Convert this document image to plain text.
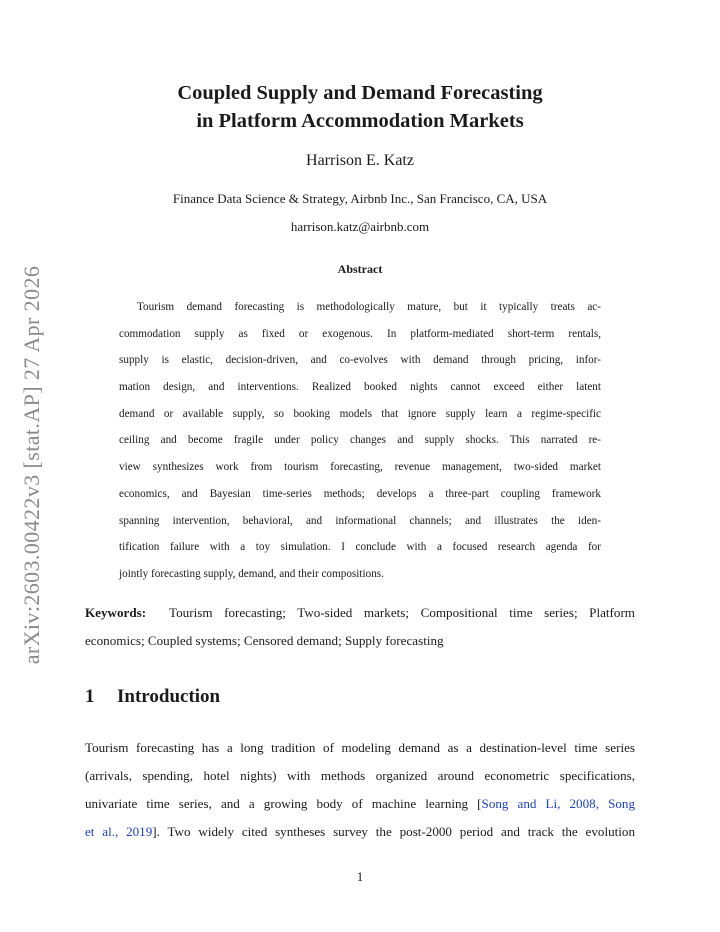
arXiv:2603.00422v3 [stat.AP] 27 Apr 2026
Coupled Supply and Demand Forecasting
in Platform Accommodation Markets
Harrison E. Katz
Finance Data Science & Strategy, Airbnb Inc., San Francisco, CA, USA
harrison.katz@airbnb.com
Abstract
Tourism demand forecasting is methodologically mature, but it typically treats ac-
commodation supply as fixed or exogenous. In platform-mediated short-term rentals,
supply is elastic, decision-driven, and co-evolves with demand through pricing, infor-
mation design, and interventions. Realized booked nights cannot exceed either latent
demand or available supply, so booking models that ignore supply learn a regime-specific
ceiling and become fragile under policy changes and supply shocks. This narrated re-
view synthesizes work from tourism forecasting, revenue management, two-sided market
economics, and Bayesian time-series methods; develops a three-part coupling framework
spanning intervention, behavioral, and informational channels; and illustrates the iden-
tification failure with a toy simulation. I conclude with a focused research agenda for
jointly forecasting supply, demand, and their compositions.
Keywords: Tourism forecasting; Two-sided markets; Compositional time series; Platform
economics; Coupled systems; Censored demand; Supply forecasting
1 Introduction
Tourism forecasting has a long tradition of modeling demand as a destination-level time series
(arrivals, spending, hotel nights) with methods organized around econometric specifications,
univariate time series, and a growing body of machine learning [Song and Li, 2008, Song
et al., 2019]. Two widely cited syntheses survey the post-2000 period and track the evolution
1
